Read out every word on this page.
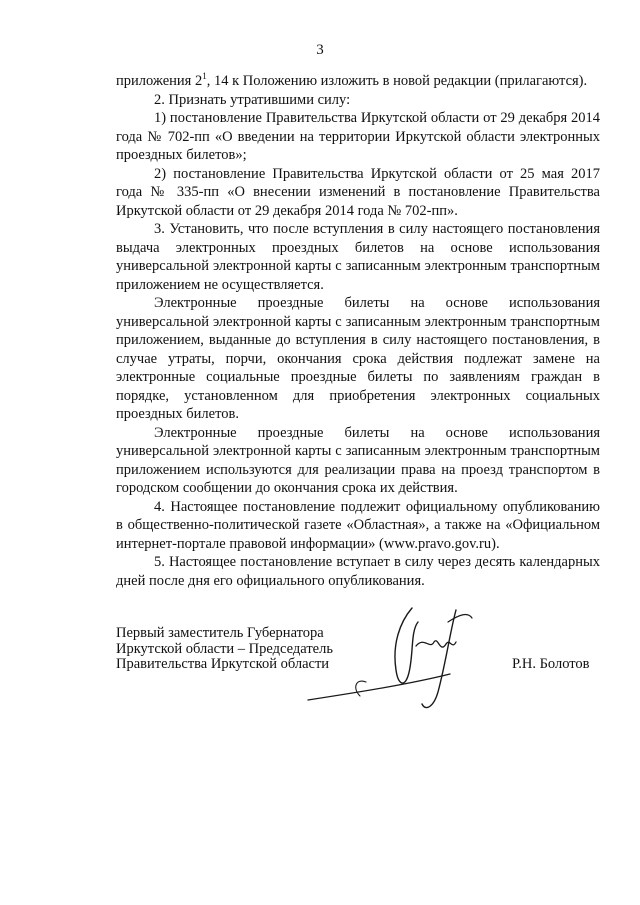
3

приложения $2^1$, 14 к Положению изложить в новой редакции (прилагаются).

2. Признать утратившими силу:

1) постановление Правительства Иркутской области от 29 декабря 2014 года № 702-пп «О введении на территории Иркутской области электронных проездных билетов»;

2) постановление Правительства Иркутской области от 25 мая 2017 года № 335-пп «О внесении изменений в постановление Правительства Иркутской области от 29 декабря 2014 года № 702-пп».

3. Установить, что после вступления в силу настоящего постановления выдача электронных проездных билетов на основе использования универсальной электронной карты с записанным электронным транспортным приложением не осуществляется.

Электронные проездные билеты на основе использования универсальной электронной карты с записанным электронным транспортным приложением, выданные до вступления в силу настоящего постановления, в случае утраты, порчи, окончания срока действия подлежат замене на электронные социальные проездные билеты по заявлениям граждан в порядке, установленном для приобретения электронных социальных проездных билетов.

Электронные проездные билеты на основе использования универсальной электронной карты с записанным электронным транспортным приложением используются для реализации права на проезд транспортом в городском сообщении до окончания срока их действия.

4. Настоящее постановление подлежит официальному опубликованию в общественно-политической газете «Областная», а также на «Официальном интернет-портале правовой информации» (www.pravo.gov.ru).

5. Настоящее постановление вступает в силу через десять календарных дней после дня его официального опубликования.

Первый заместитель Губернатора
Иркутской области – Председатель
Правительства Иркутской области	Р.Н. Болотов
